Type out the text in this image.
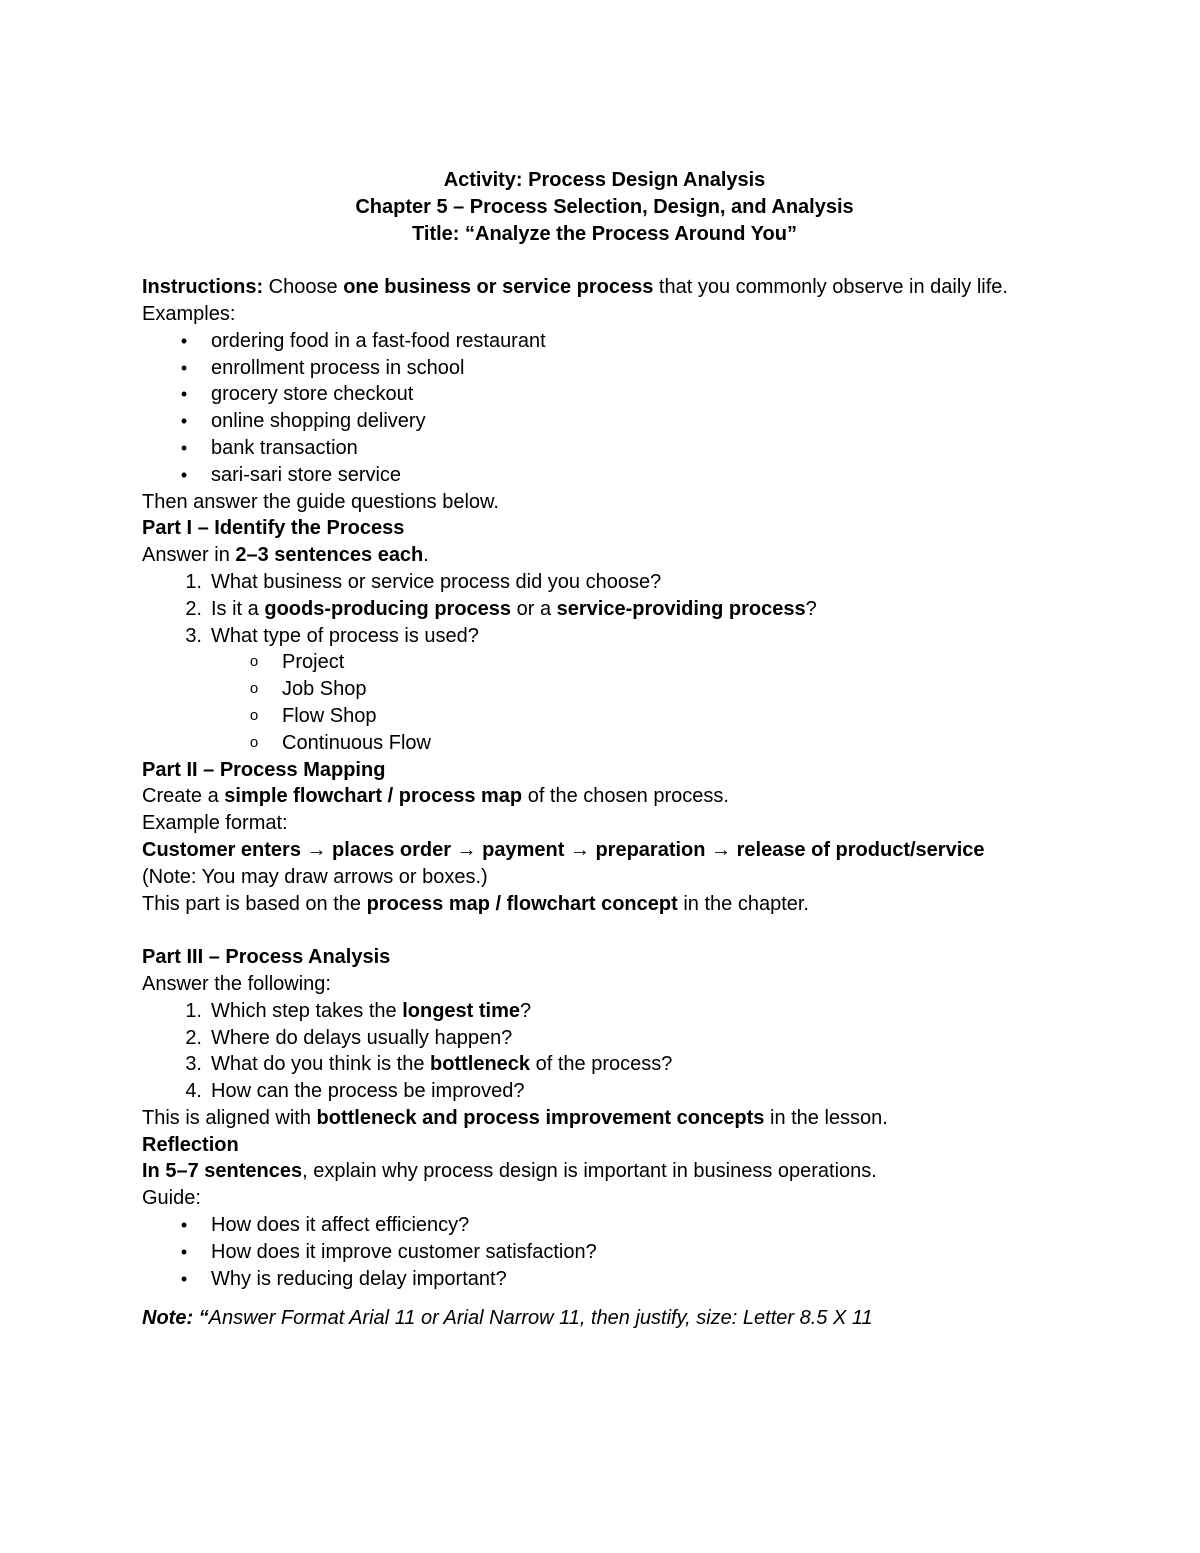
Activity: Process Design Analysis
Chapter 5 – Process Selection, Design, and Analysis
Title: “Analyze the Process Around You”
Instructions: Choose one business or service process that you commonly observe in daily life.
Examples:
•	ordering food in a fast-food restaurant
•	enrollment process in school
•	grocery store checkout
•	online shopping delivery
•	bank transaction
•	sari-sari store service
Then answer the guide questions below.
Part I – Identify the Process
Answer in 2–3 sentences each.
1. What business or service process did you choose?
2. Is it a goods-producing process or a service-providing process?
3. What type of process is used?
o	Project
o	Job Shop
o	Flow Shop
o	Continuous Flow
Part II – Process Mapping
Create a simple flowchart / process map of the chosen process.
Example format:
Customer enters → places order → payment → preparation → release of product/service
(Note: You may draw arrows or boxes.)
This part is based on the process map / flowchart concept in the chapter.
Part III – Process Analysis
Answer the following:
1. Which step takes the longest time?
2. Where do delays usually happen?
3. What do you think is the bottleneck of the process?
4. How can the process be improved?
This is aligned with bottleneck and process improvement concepts in the lesson.
Reflection
In 5–7 sentences, explain why process design is important in business operations.
Guide:
•	How does it affect efficiency?
•	How does it improve customer satisfaction?
•	Why is reducing delay important?
Note: “Answer Format Arial 11 or Arial Narrow 11, then justify, size: Letter 8.5 X 11
